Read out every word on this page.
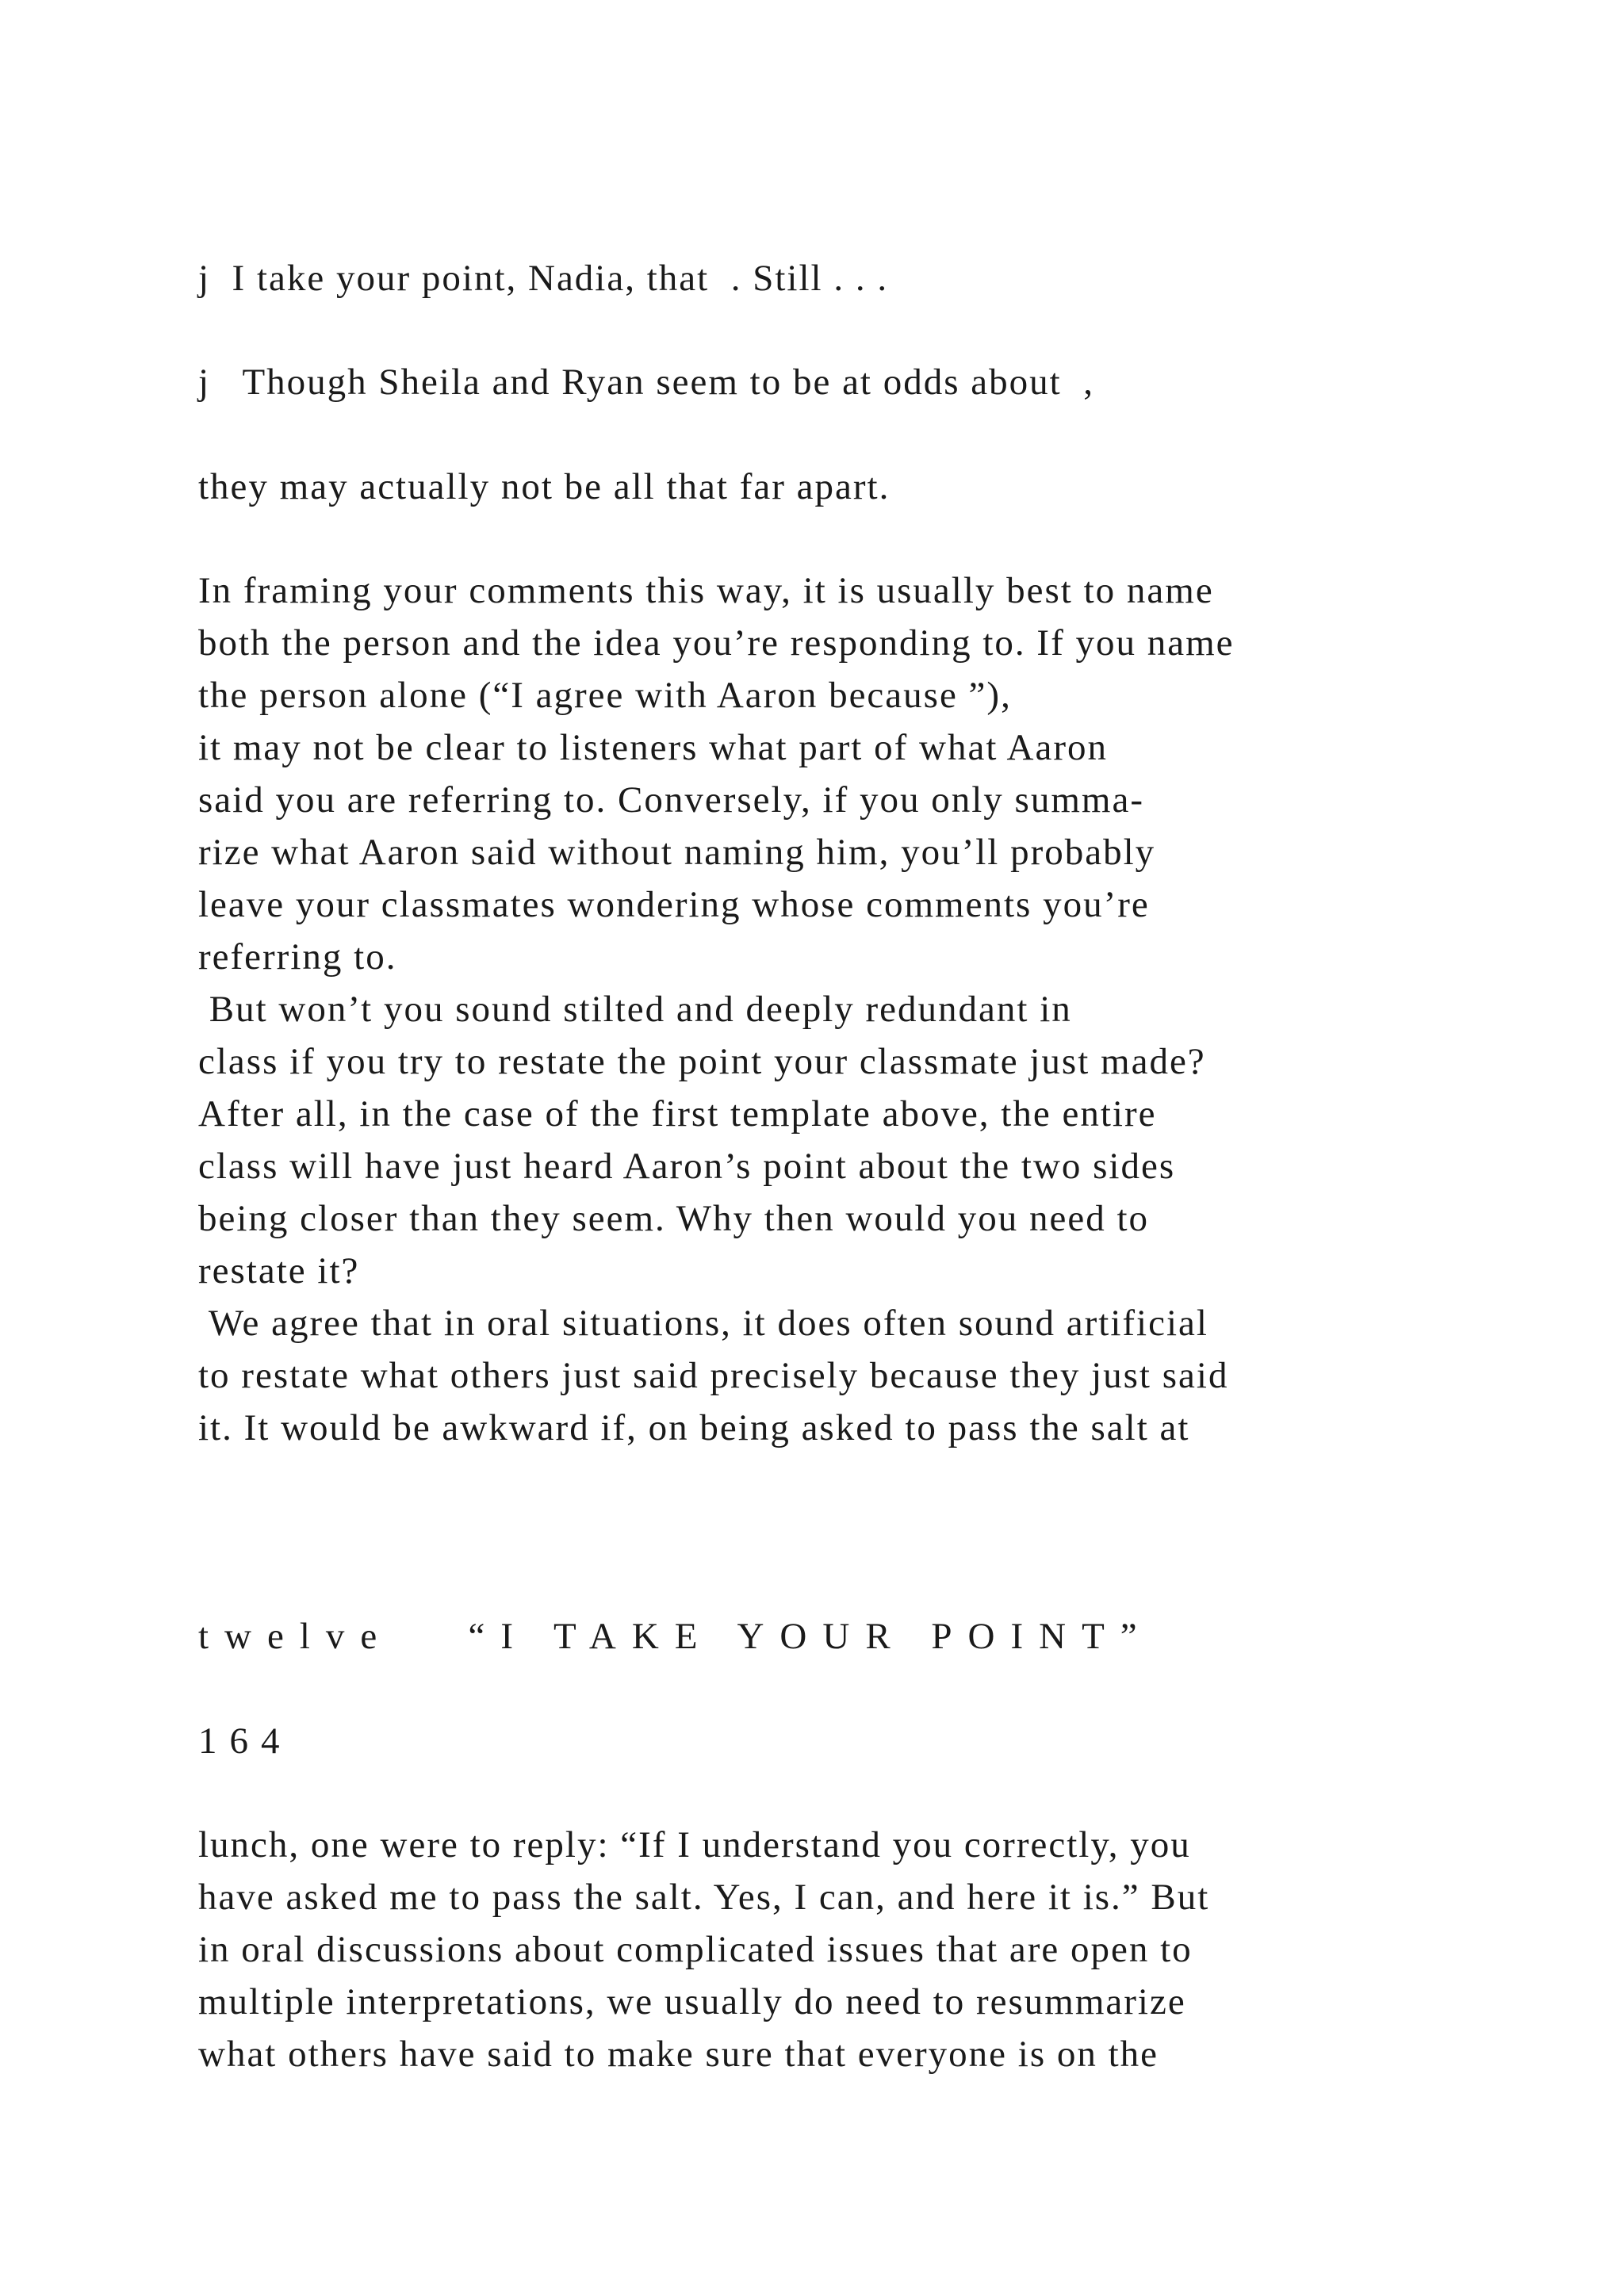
j  I take your point, Nadia, that  . Still . . .

j   Though Sheila and Ryan seem to be at odds about  ,

they may actually not be all that far apart.

In framing your comments this way, it is usually best to name

both the person and the idea you’re responding to. If you name

the person alone (“I agree with Aaron because ”),

it may not be clear to listeners what part of what Aaron

said you are referring to. Conversely, if you only summa-

rize what Aaron said without naming him, you’ll probably

leave your classmates wondering whose comments you’re

referring to.

But won’t you sound stilted and deeply redundant in

class if you try to restate the point your classmate just made?

After all, in the case of the first template above, the entire

class will have just heard Aaron’s point about the two sides

being closer than they seem. Why then would you need to

restate it?

We agree that in oral situations, it does often sound artificial

to restate what others just said precisely because they just said

it. It would be awkward if, on being asked to pass the salt at

twelve   “I TAKE YOUR POINT”

164

lunch, one were to reply: “If I understand you correctly, you

have asked me to pass the salt. Yes, I can, and here it is.” But

in oral discussions about complicated issues that are open to

multiple interpretations, we usually do need to resummarize

what others have said to make sure that everyone is on the
